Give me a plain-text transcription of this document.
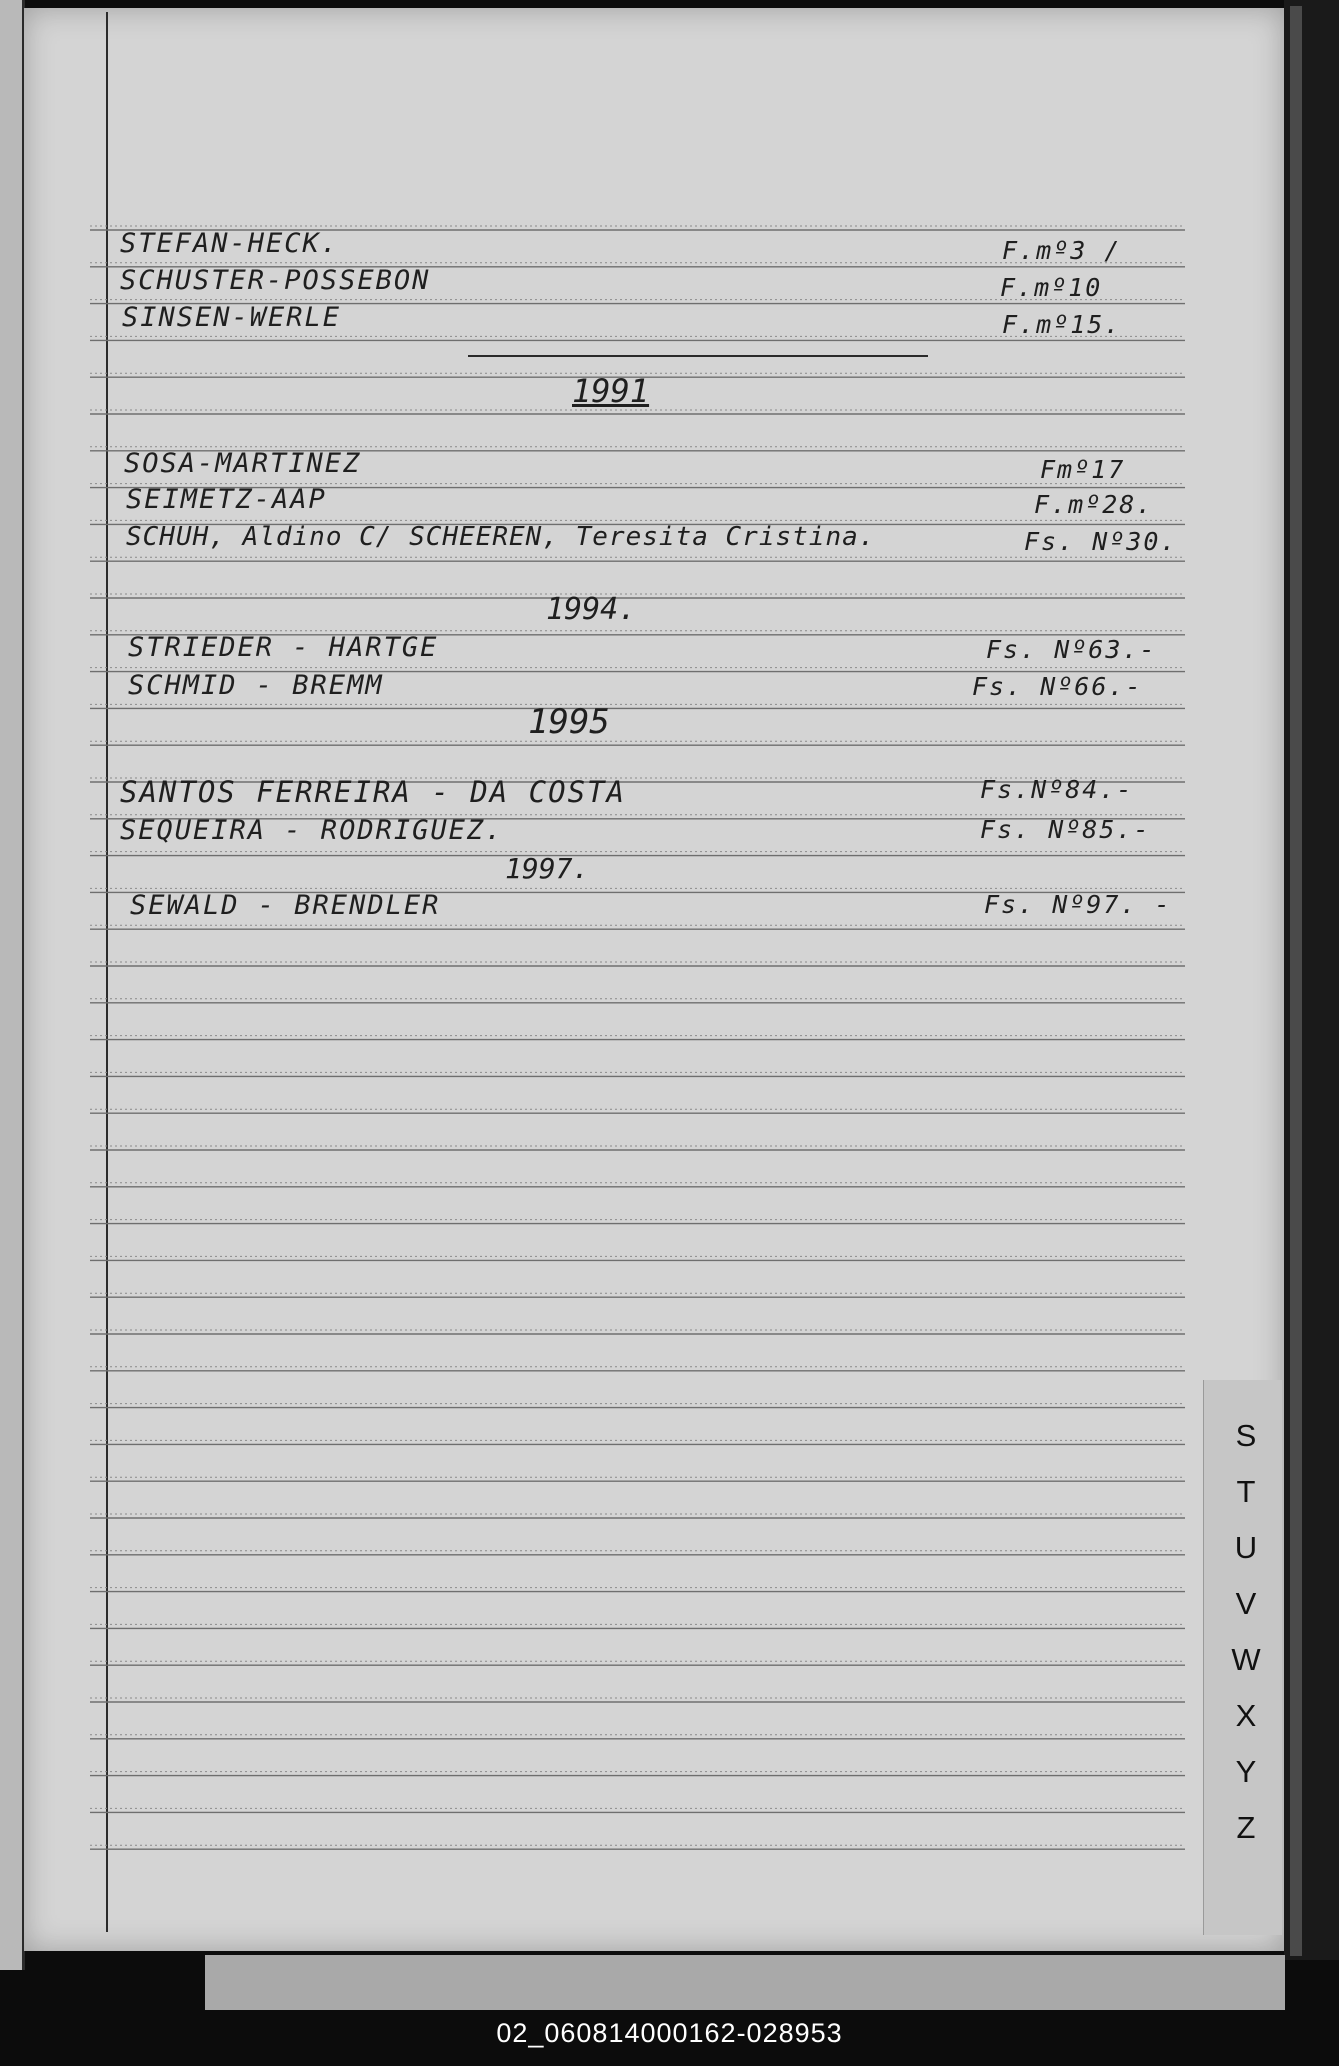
STEFAN-HECK.	F.mº3 /
SCHUSTER-POSSEBON	F.mº10
SINSEN-WERLE	F.mº15.
1991
SOSA-MARTINEZ	Fmº17
SEIMETZ-AAP	F.mº28.
SCHUH, Aldino C/ SCHEEREN, Teresita Cristina.	Fs. Nº30.
1994.
STRIEDER - HARTGE	Fs. Nº63.-
SCHMID - BREMM	Fs. Nº66.-
1995
SANTOS FERREIRA - DA COSTA	Fs.Nº84.-
SEQUEIRA - RODRIGUEZ.	Fs. Nº85.-
1997.
SEWALD - BRENDLER	Fs. Nº97. -
S
T
U
V
W
X
Y
Z
02_060814000162-028953
